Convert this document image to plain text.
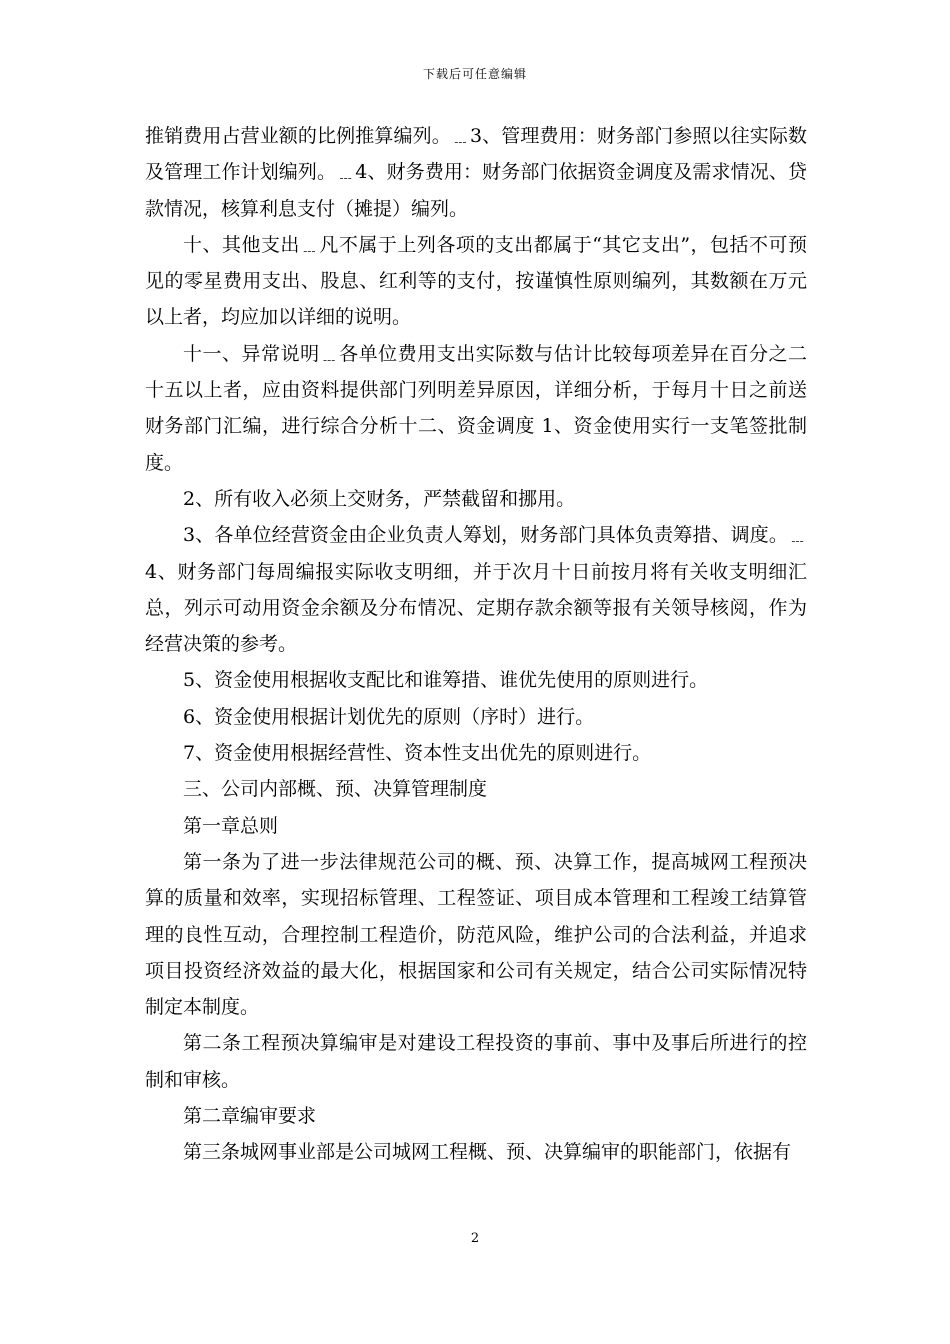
下载后可任意编辑

推销费用占营业额的比例推算编列。﹍3、管理费用：财务部门参照以往实际数及管理工作计划编列。﹍4、财务费用：财务部门依据资金调度及需求情况、贷款情况，核算利息支付（摊提）编列。

十、其他支出﹍凡不属于上列各项的支出都属于“其它支出”，包括不可预见的零星费用支出、股息、红利等的支付，按谨慎性原则编列，其数额在万元以上者，均应加以详细的说明。

十一、异常说明﹍各单位费用支出实际数与估计比较每项差异在百分之二十五以上者，应由资料提供部门列明差异原因，详细分析，于每月十日之前送财务部门汇编，进行综合分析十二、资金调度 1、资金使用实行一支笔签批制度。

2、所有收入必须上交财务，严禁截留和挪用。

3、各单位经营资金由企业负责人筹划，财务部门具体负责筹措、调度。﹍4、财务部门每周编报实际收支明细，并于次月十日前按月将有关收支明细汇总，列示可动用资金余额及分布情况、定期存款余额等报有关领导核阅，作为经营决策的参考。

5、资金使用根据收支配比和谁筹措、谁优先使用的原则进行。

6、资金使用根据计划优先的原则（序时）进行。

7、资金使用根据经营性、资本性支出优先的原则进行。

三、公司内部概、预、决算管理制度

第一章总则

第一条为了进一步法律规范公司的概、预、决算工作，提高城网工程预决算的质量和效率，实现招标管理、工程签证、项目成本管理和工程竣工结算管理的良性互动，合理控制工程造价，防范风险，维护公司的合法利益，并追求项目投资经济效益的最大化，根据国家和公司有关规定，结合公司实际情况特制定本制度。

第二条工程预决算编审是对建设工程投资的事前、事中及事后所进行的控制和审核。

第二章编审要求

第三条城网事业部是公司城网工程概、预、决算编审的职能部门，依据有

2
